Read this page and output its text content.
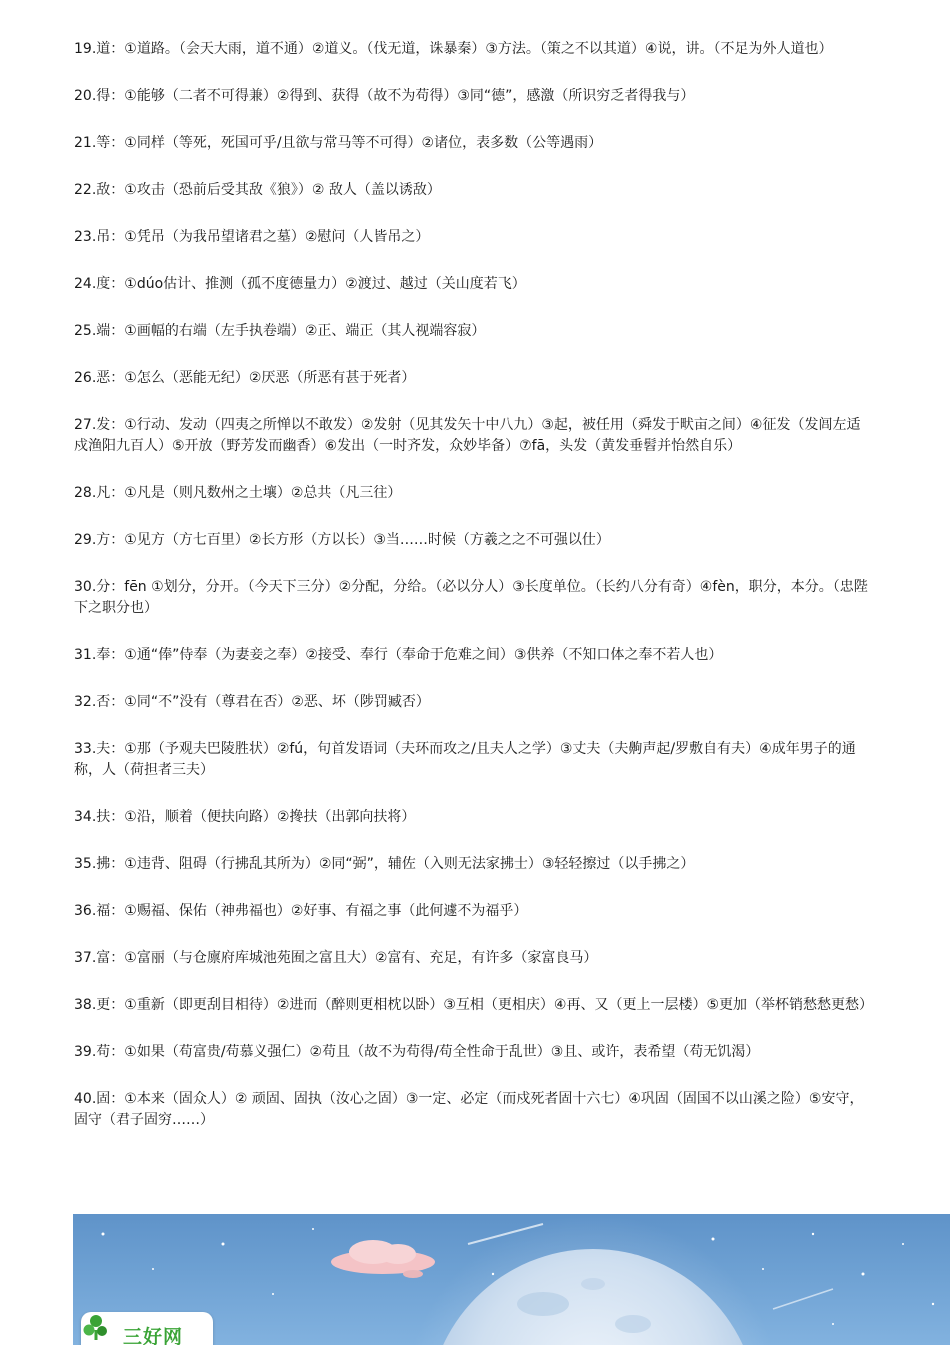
19.道：①道路。（会天大雨，道不通）②道义。（伐无道，诛暴秦）③方法。（策之不以其道）④说，讲。（不足为外人道也）

20.得：①能够（二者不可得兼）②得到、获得（故不为苟得）③同“德”，感激（所识穷乏者得我与）

21.等：①同样（等死，死国可乎/且欲与常马等不可得）②诸位，表多数（公等遇雨）

22.敌：①攻击（恐前后受其敌《狼》）② 敌人（盖以诱敌）

23.吊：①凭吊（为我吊望诸君之墓）②慰问（人皆吊之）

24.度：①dúo估计、推测（孤不度德量力）②渡过、越过（关山度若飞）

25.端：①画幅的右端（左手执卷端）②正、端正（其人视端容寂）

26.恶：①怎么（恶能无纪）②厌恶（所恶有甚于死者）

27.发：①行动、发动（四夷之所惮以不敢发）②发射（见其发矢十中八九）③起，被任用（舜发于畎亩之间）④征发（发闾左适戍渔阳九百人）⑤开放（野芳发而幽香）⑥发出（一时齐发，众妙毕备）⑦fā，头发（黄发垂髫并怡然自乐）

28.凡：①凡是（则凡数州之土壤）②总共（凡三往）

29.方：①见方（方七百里）②长方形（方以长）③当……时候（方羲之之不可强以仕）

30.分：fēn ①划分，分开。（今天下三分）②分配，分给。（必以分人）③长度单位。（长约八分有奇）④fèn，职分，本分。（忠陛下之职分也）

31.奉：①通“俸”侍奉（为妻妾之奉）②接受、奉行（奉命于危难之间）③供养（不知口体之奉不若人也）

32.否：①同“不”没有（尊君在否）②恶、坏（陟罚臧否）

33.夫：①那（予观夫巴陵胜状）②fú，句首发语词（夫环而攻之/且夫人之学）③丈夫（夫齁声起/罗敷自有夫）④成年男子的通称，人（荷担者三夫）

34.扶：①沿，顺着（便扶向路）②搀扶（出郭向扶将）

35.拂：①违背、阻碍（行拂乱其所为）②同“弼”，辅佐（入则无法家拂士）③轻轻擦过（以手拂之）

36.福：①赐福、保佑（神弗福也）②好事、有福之事（此何遽不为福乎）

37.富：①富丽（与仓廪府库城池苑囿之富且大）②富有、充足，有许多（家富良马）

38.更：①重新（即更刮目相待）②进而（醉则更相枕以卧）③互相（更相庆）④再、又（更上一层楼）⑤更加（举杯销愁愁更愁）

39.苟：①如果（苟富贵/苟慕义强仁）②苟且（故不为苟得/苟全性命于乱世）③且、或许，表希望（苟无饥渴）

40.固：①本来（固众人）② 顽固、固执（汝心之固）③一定、必定（而戍死者固十六七）④巩固（固国不以山溪之险）⑤安守，固守（君子固穷……）

三好网
